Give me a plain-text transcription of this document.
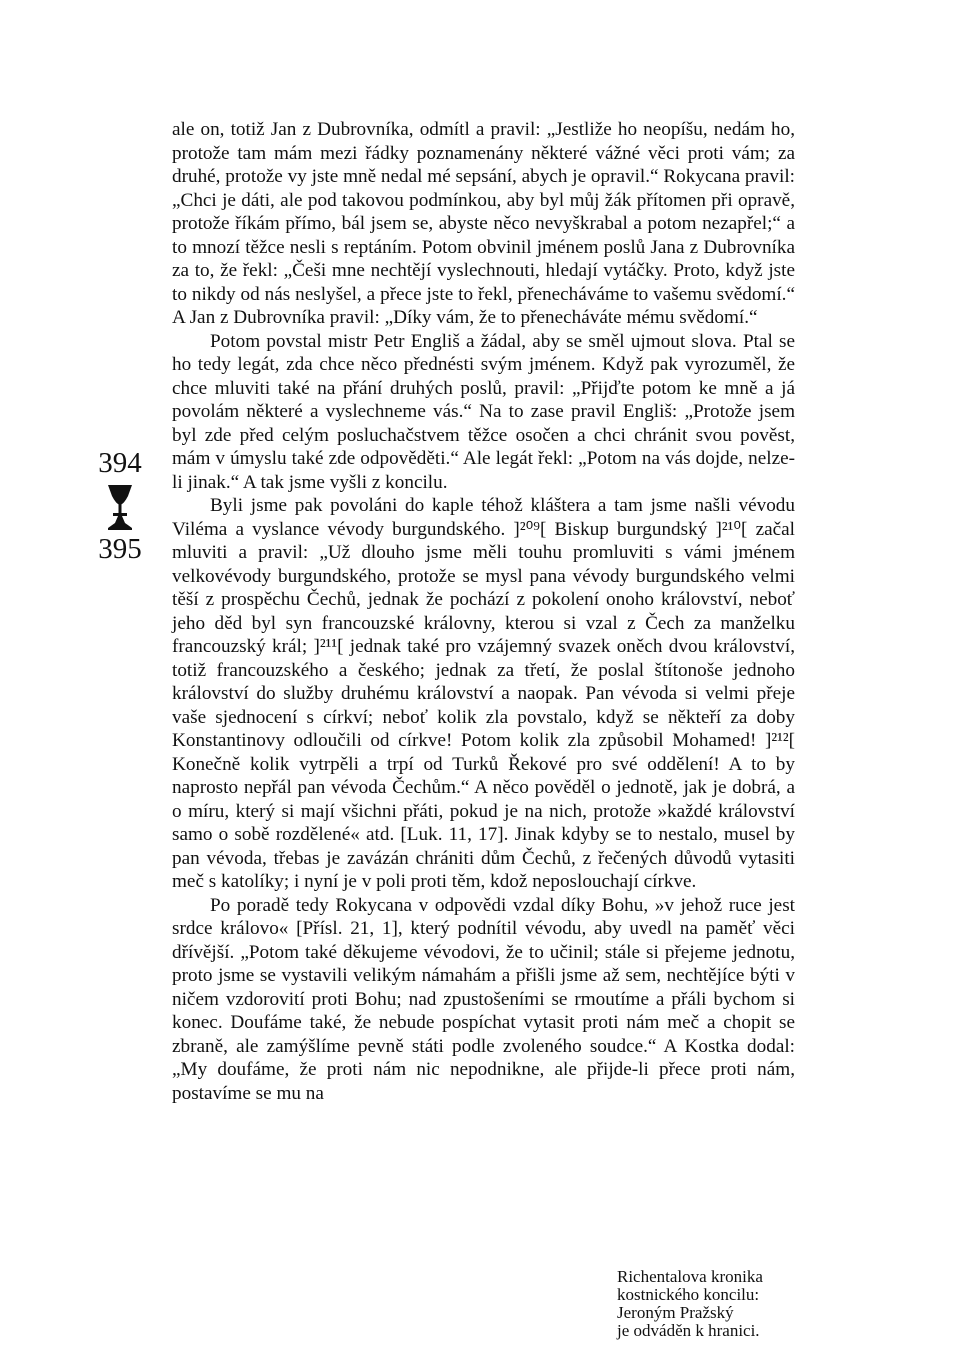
394
395

ale on, totiž Jan z Dubrovníka, odmítl a pravil: „Jestliže ho neopíšu, nedám ho, protože tam mám mezi řádky poznamenány některé vážné věci proti vám; za druhé, protože vy jste mně nedal mé sepsání, abych je opravil.“ Rokycana pravil: „Chci je dáti, ale pod takovou podmínkou, aby byl můj žák přítomen při opravě, protože říkám přímo, bál jsem se, abyste něco nevyškrabal a potom nezapřel;“ a to mnozí těžce nesli s reptáním. Potom obvinil jménem poslů Jana z Dubrovníka za to, že řekl: „Češi mne nechtějí vyslechnouti, hledají vytáčky. Proto, když jste to nikdy od nás neslyšel, a přece jste to řekl, přenecháváme to vašemu svědomí.“ A Jan z Dubrovníka pravil: „Díky vám, že to přenecháváte mému svědomí.“

Potom povstal mistr Petr Engliš a žádal, aby se směl ujmout slova. Ptal se ho tedy legát, zda chce něco přednésti svým jménem. Když pak vyrozuměl, že chce mluviti také na přání druhých poslů, pravil: „Přijďte potom ke mně a já povolám některé a vyslechneme vás.“ Na to zase pravil Engliš: „Protože jsem byl zde před celým posluchačstvem těžce osočen a chci chránit svou pověst, mám v úmyslu také zde odpověděti.“ Ale legát řekl: „Potom na vás dojde, nelze-li jinak.“ A tak jsme vyšli z koncilu.

Byli jsme pak povoláni do kaple téhož kláštera a tam jsme našli vévodu Viléma a vyslance vévody burgundského. ]²⁰⁹[ Biskup burgundský ]²¹⁰[ začal mluviti a pravil: „Už dlouho jsme měli touhu promluviti s vámi jménem velkovévody burgundského, protože se mysl pana vévody burgundského velmi těší z prospěchu Čechů, jednak že pochází z pokolení onoho království, neboť jeho děd byl syn francouzské královny, kterou si vzal z Čech za manželku francouzský král; ]²¹¹[ jednak také pro vzájemný svazek oněch dvou království, totiž francouzského a českého; jednak za třetí, že poslal štítonoše jednoho království do služby druhému království a naopak. Pan vévoda si velmi přeje vaše sjednocení s církví; neboť kolik zla povstalo, když se někteří za doby Konstantinovy odloučili od církve! Potom kolik zla způsobil Mohamed! ]²¹²[ Konečně kolik vytrpěli a trpí od Turků Řekové pro své oddělení! A to by naprosto nepřál pan vévoda Čechům.“ A něco pověděl o jednotě, jak je dobrá, a o míru, který si mají všichni přáti, pokud je na nich, protože »každé království samo o sobě rozdělené« atd. [Luk. 11, 17]. Jinak kdyby se to nestalo, musel by pan vévoda, třebas je zavázán chrániti dům Čechů, z řečených důvodů vytasiti meč s katolíky; i nyní je v poli proti těm, kdož neposlouchají církve.

Po poradě tedy Rokycana v odpovědi vzdal díky Bohu, »v jehož ruce jest srdce královo« [Přísl. 21, 1], který podnítil vévodu, aby uvedl na paměť věci dřívější. „Potom také děkujeme vévodovi, že to učinil; stále si přejeme jednotu, proto jsme se vystavili velikým námahám a přišli jsme až sem, nechtějíce býti v ničem vzdorovití proti Bohu; nad zpustošeními se rmoutíme a přáli bychom si konec. Doufáme také, že nebude pospíchat vytasit proti nám meč a chopit se zbraně, ale zamýšlíme pevně státi podle zvoleného soudce.“ A Kostka dodal: „My doufáme, že proti nám nic nepodnikne, ale přijde-li přece proti nám, postavíme se mu na

Richentalova kronika
kostnického koncilu:
Jeroným Pražský
je odváděn k hranici.
